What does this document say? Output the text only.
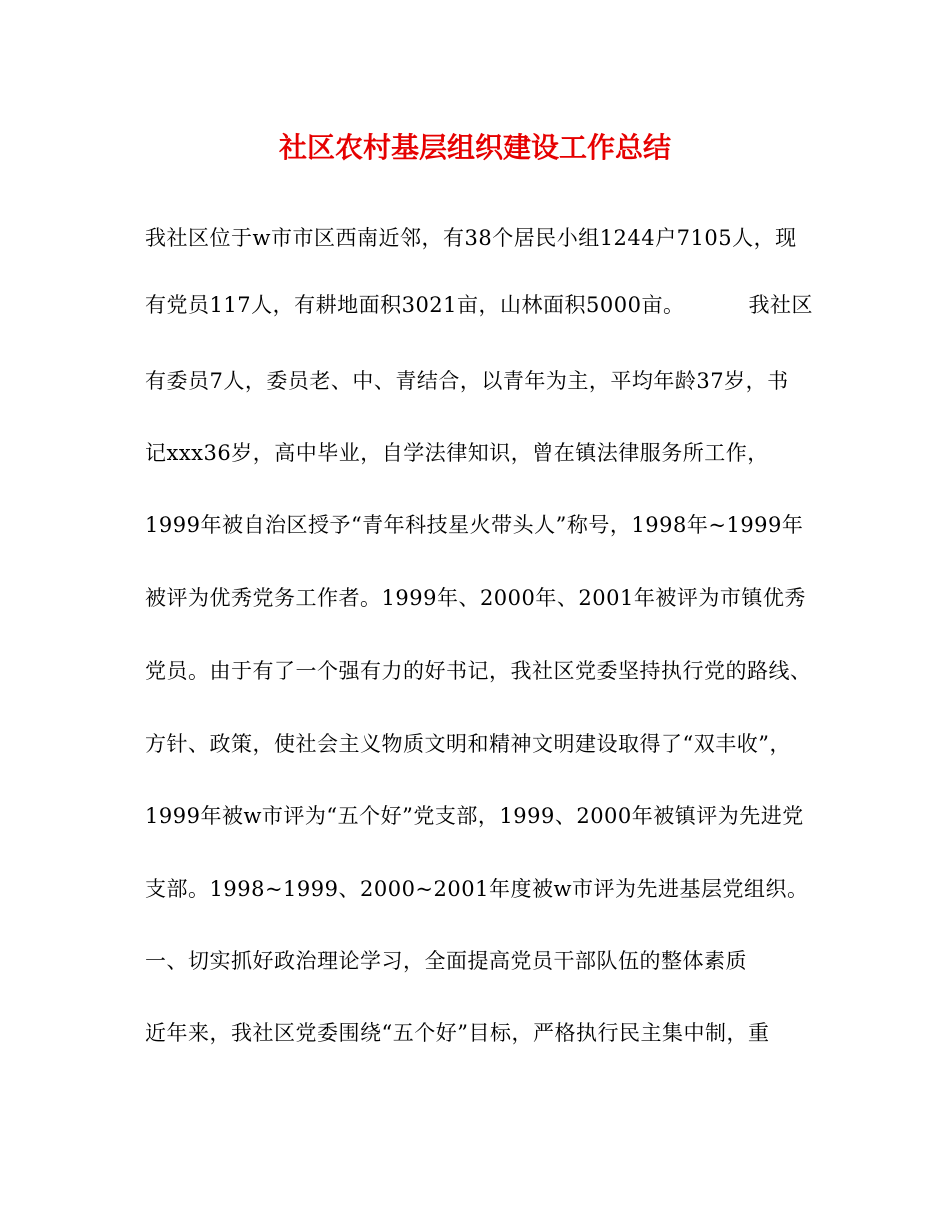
社区农村基层组织建设工作总结
我社区位于w市市区西南近邻，有38个居民小组1244户7105人，现
有党员117人，有耕地面积3021亩，山林面积5000亩。	我社区
有委员7人，委员老、中、青结合，以青年为主，平均年龄37岁，书
记xxx36岁，高中毕业，自学法律知识，曾在镇法律服务所工作，
1999年被自治区授予“青年科技星火带头人”称号，1998年~1999年
被评为优秀党务工作者。1999年、2000年、2001年被评为市镇优秀
党员。由于有了一个强有力的好书记，我社区党委坚持执行党的路线、
方针、政策，使社会主义物质文明和精神文明建设取得了“双丰收”，
1999年被w市评为“五个好”党支部，1999、2000年被镇评为先进党
支部。1998~1999、2000~2001年度被w市评为先进基层党组织。
一、切实抓好政治理论学习，全面提高党员干部队伍的整体素质
近年来，我社区党委围绕“五个好”目标，严格执行民主集中制，重
